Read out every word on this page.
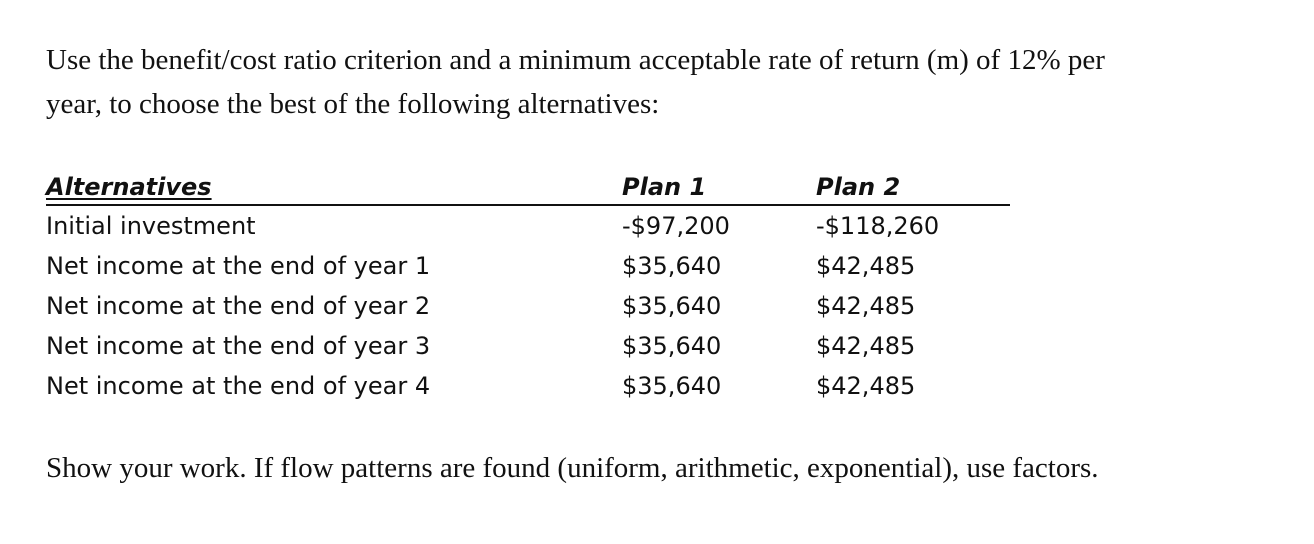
Use the benefit/cost ratio criterion and a minimum acceptable rate of return (m) of 12% per
year, to choose the best of the following alternatives:

Alternatives	Plan 1	Plan 2
Initial investment	-$97,200	-$118,260
Net income at the end of year 1	$35,640	$42,485
Net income at the end of year 2	$35,640	$42,485
Net income at the end of year 3	$35,640	$42,485
Net income at the end of year 4	$35,640	$42,485

Show your work. If flow patterns are found (uniform, arithmetic, exponential), use factors.
